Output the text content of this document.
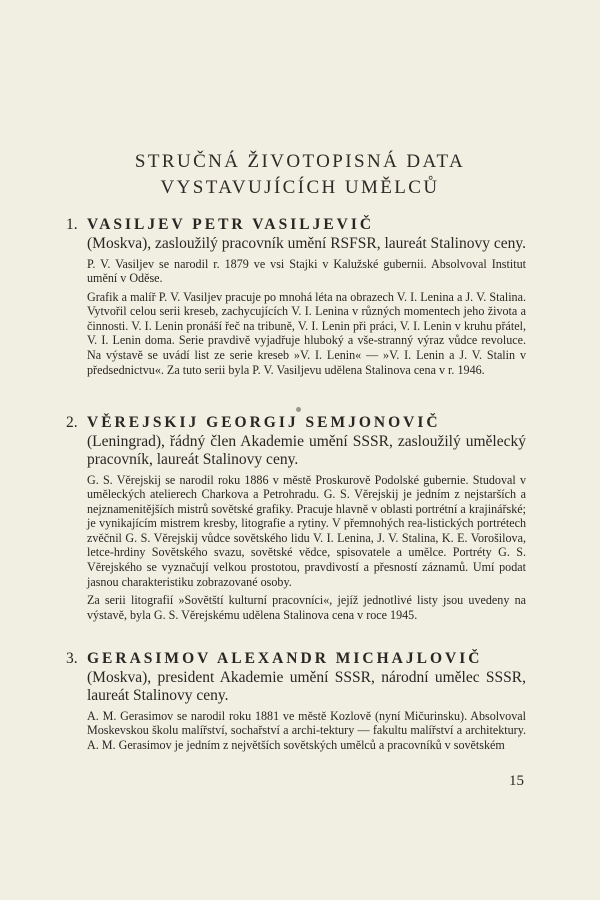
STRUČNÁ ŽIVOTOPISNÁ DATA
VYSTAVUJÍCÍCH UMĚLCŮ
1. VASILJEV PETR VASILJEVIČ
(Moskva), zasloužilý pracovník umění RSFSR, laureát Stalinovy ceny.
P. V. Vasiljev se narodil r. 1879 ve vsi Stajki v Kalužské gubernii. Absolvoval Institut umění v Oděse.
Grafik a malíř P. V. Vasiljev pracuje po mnohá léta na obrazech V. I. Lenina a J. V. Stalina. Vytvořil celou serii kreseb, zachycujících V. I. Lenina v různých momentech jeho života a činnosti. V. I. Lenin pronáší řeč na tribuně, V. I. Lenin při práci, V. I. Lenin v kruhu přátel, V. I. Lenin doma. Serie pravdivě vyjadřuje hluboký a vše-stranný výraz vůdce revoluce. Na výstavě se uvádí list ze serie kreseb »V. I. Lenin« — »V. I. Lenin a J. V. Stalin v předsednictvu«. Za tuto serii byla P. V. Vasiljevu udělena Stalinova cena v r. 1946.
2. VĚREJSKIJ GEORGIJ SEMJONOVIČ
(Leningrad), řádný člen Akademie umění SSSR, zasloužilý umělecký pracovník, laureát Stalinovy ceny.
G. S. Věrejskij se narodil roku 1886 v městě Proskurově Podolské gubernie. Studoval v uměleckých atelierech Charkova a Petrohradu. G. S. Věrejskij je jedním z nejstarších a nejznamenitějších mistrů sovětské grafiky. Pracuje hlavně v oblasti portrétní a krajinářské; je vynikajícím mistrem kresby, litografie a rytiny. V přemnohých rea-listických portrétech zvěčnil G. S. Věrejskij vůdce sovětského lidu V. I. Lenina, J. V. Stalina, K. E. Vorošilova, letce-hrdiny Sovětského svazu, sovětské vědce, spisovatele a umělce. Portréty G. S. Věrejského se vyznačují velkou prostotou, pravdivostí a přesností záznamů. Umí podat jasnou charakteristiku zobrazované osoby.
Za serii litografií »Sovětští kulturní pracovníci«, jejíž jednotlivé listy jsou uvedeny na výstavě, byla G. S. Věrejskému udělena Stalinova cena v roce 1945.
3. GERASIMOV ALEXANDR MICHAJLOVIČ
(Moskva), president Akademie umění SSSR, národní umělec SSSR, laureát Stalinovy ceny.
A. M. Gerasimov se narodil roku 1881 ve městě Kozlově (nyní Mičurinsku). Absolvoval Moskevskou školu malířství, sochařství a archi-tektury — fakultu malířství a architektury. A. M. Gerasimov je jedním z největších sovětských umělců a pracovníků v sovětském
15
